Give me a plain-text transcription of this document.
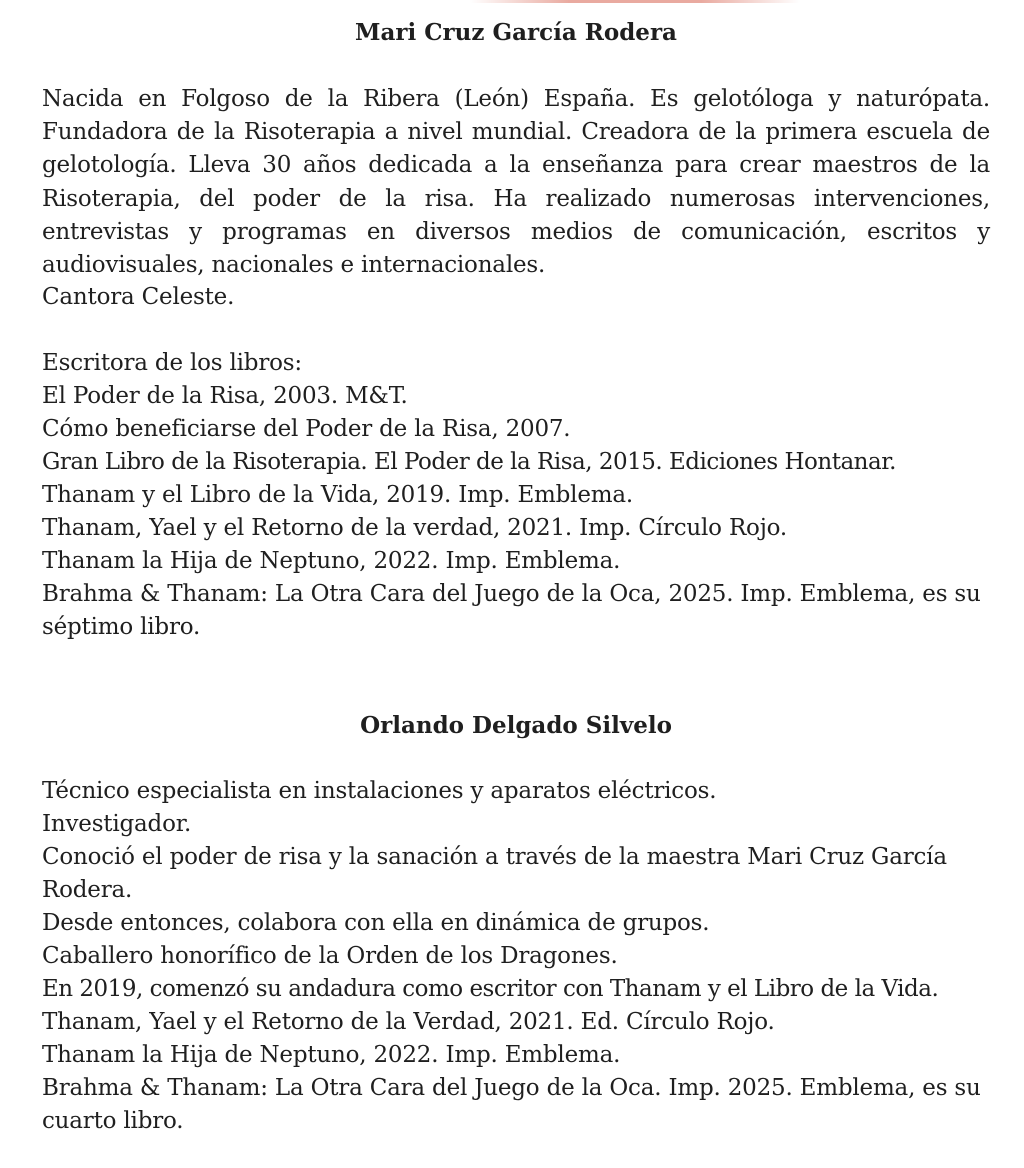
Mari Cruz García Rodera

Nacida en Folgoso de la Ribera (León) España. Es gelotóloga y naturópata. Fundadora de la Risoterapia a nivel mundial. Creadora de la primera escuela de gelotología. Lleva 30 años dedicada a la enseñanza para crear maestros de la Risoterapia, del poder de la risa. Ha realizado numerosas intervenciones, entrevistas y programas en diversos medios de comunicación, escritos y audiovisuales, nacionales e internacionales.

Cantora Celeste.

Escritora de los libros:

El Poder de la Risa, 2003. M&T.

Cómo beneficiarse del Poder de la Risa, 2007.

Gran Libro de la Risoterapia. El Poder de la Risa, 2015. Ediciones Hontanar.

Thanam y el Libro de la Vida, 2019. Imp. Emblema.

Thanam, Yael y el Retorno de la verdad, 2021. Imp. Círculo Rojo.

Thanam la Hija de Neptuno, 2022. Imp. Emblema.

Brahma & Thanam: La Otra Cara del Juego de la Oca, 2025. Imp. Emblema, es su séptimo libro.

Orlando Delgado Silvelo

Técnico especialista en instalaciones y aparatos eléctricos.

Investigador.

Conoció el poder de risa y la sanación a través de la maestra Mari Cruz García Rodera.

Desde entonces, colabora con ella en dinámica de grupos.

Caballero honorífico de la Orden de los Dragones.

En 2019, comenzó su andadura como escritor con Thanam y el Libro de la Vida.

Thanam, Yael y el Retorno de la Verdad, 2021. Ed. Círculo Rojo.

Thanam la Hija de Neptuno, 2022. Imp. Emblema.

Brahma & Thanam: La Otra Cara del Juego de la Oca. Imp. 2025. Emblema, es su cuarto libro.
